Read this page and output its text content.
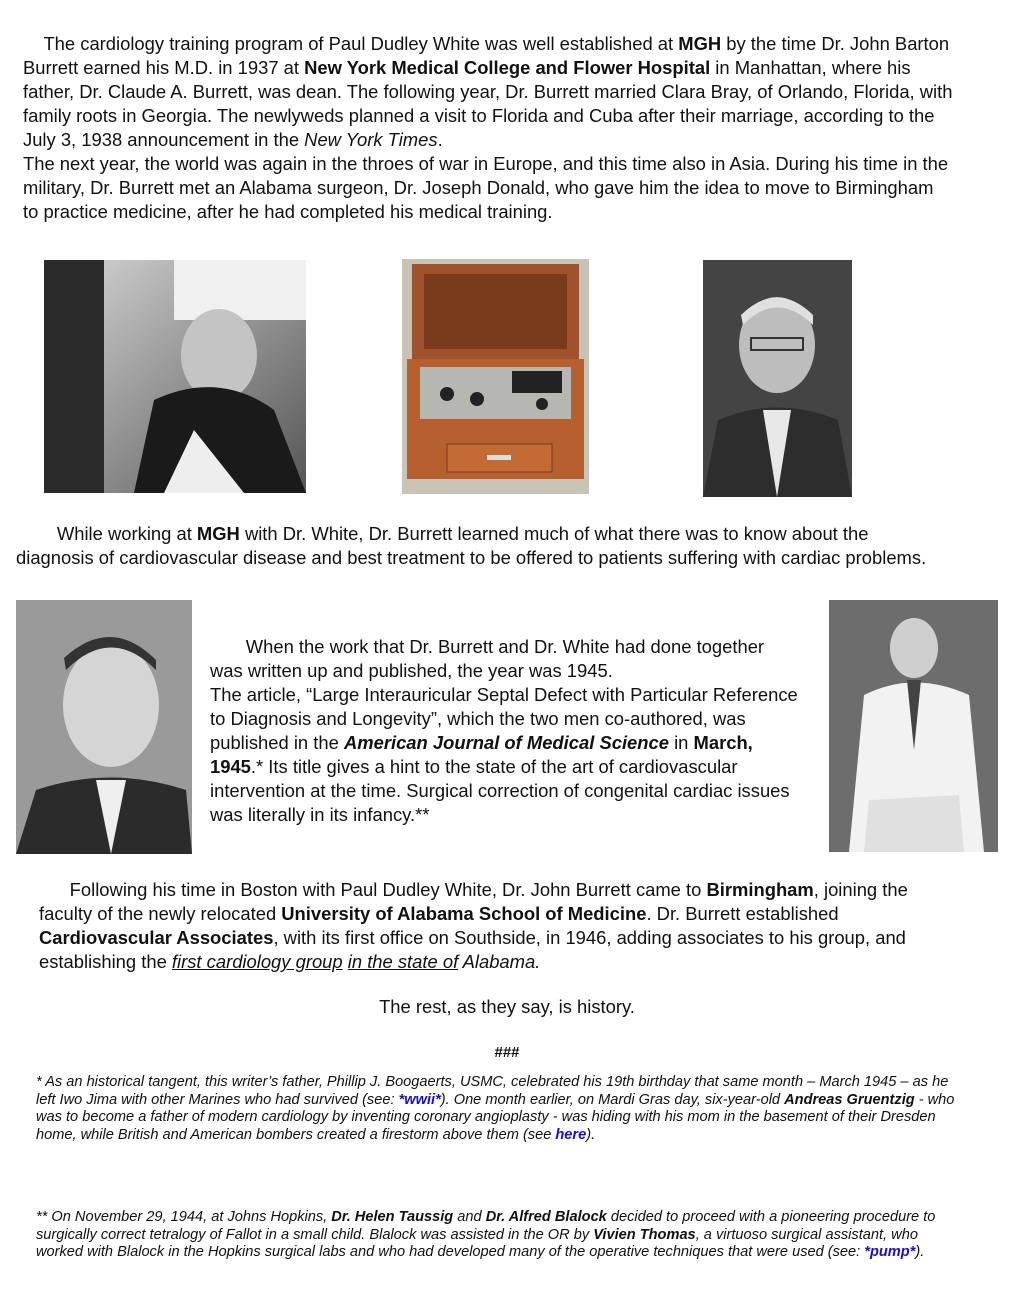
The cardiology training program of Paul Dudley White was well established at MGH by the time Dr. John Barton Burrett earned his M.D. in 1937 at New York Medical College and Flower Hospital in Manhattan, where his father, Dr. Claude A. Burrett, was dean. The following year, Dr. Burrett married Clara Bray, of Orlando, Florida, with family roots in Georgia. The newlyweds planned a visit to Florida and Cuba after their marriage, according to the July 3, 1938 announcement in the New York Times.
The next year, the world was again in the throes of war in Europe, and this time also in Asia. During his time in the military, Dr. Burrett met an Alabama surgeon, Dr. Joseph Donald, who gave him the idea to move to Birmingham to practice medicine, after he had completed his medical training.

While working at MGH with Dr. White, Dr. Burrett learned much of what there was to know about the diagnosis of cardiovascular disease and best treatment to be offered to patients suffering with cardiac problems.

When the work that Dr. Burrett and Dr. White had done together was written up and published, the year was 1945.
The article, “Large Interauricular Septal Defect with Particular Reference to Diagnosis and Longevity”, which the two men co-authored, was published in the American Journal of Medical Science in March, 1945.* Its title gives a hint to the state of the art of cardiovascular intervention at the time. Surgical correction of congenital cardiac issues was literally in its infancy.**

Following his time in Boston with Paul Dudley White, Dr. John Burrett came to Birmingham, joining the faculty of the newly relocated University of Alabama School of Medicine. Dr. Burrett established Cardiovascular Associates, with its first office on Southside, in 1946, adding associates to his group, and establishing the first cardiology group in the state of Alabama.

The rest, as they say, is history.
###

* As an historical tangent, this writer’s father, Phillip J. Boogaerts, USMC, celebrated his 19th birthday that same month – March 1945 – as he left Iwo Jima with other Marines who had survived (see: *wwii*). One month earlier, on Mardi Gras day, six-year-old Andreas Gruentzig - who was to become a father of modern cardiology by inventing coronary angioplasty - was hiding with his mom in the basement of their Dresden home, while British and American bombers created a firestorm above them (see here).

** On November 29, 1944, at Johns Hopkins, Dr. Helen Taussig and Dr. Alfred Blalock decided to proceed with a pioneering procedure to surgically correct tetralogy of Fallot in a small child. Blalock was assisted in the OR by Vivien Thomas, a virtuoso surgical assistant, who worked with Blalock in the Hopkins surgical labs and who had developed many of the operative techniques that were used (see: *pump*).
